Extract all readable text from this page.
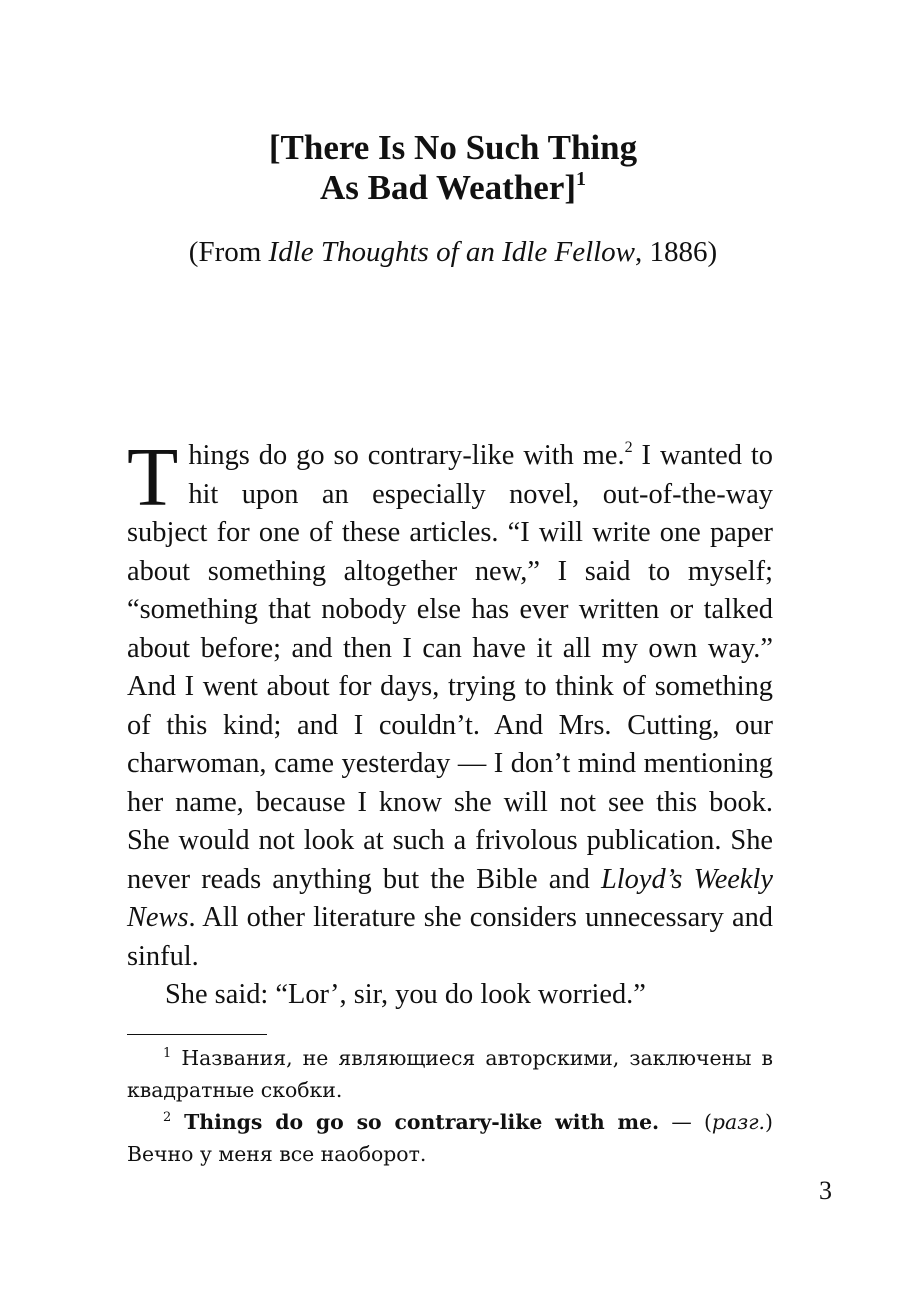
[There Is No Such Thing
As Bad Weather]$^1$
(From Idle Thoughts of an Idle Fellow, 1886)

Things do go so contrary-like with me.$^2$ I wanted to hit upon an especially novel, out-of-the-way subject for one of these articles. “I will write one paper about something altogether new,” I said to myself; “something that nobody else has ever written or talked about before; and then I can have it all my own way.” And I went about for days, trying to think of something of this kind; and I couldn’t. And Mrs. Cutting, our charwoman, came yesterday — I don’t mind mentioning her name, because I know she will not see this book. She would not look at such a frivolous publication. She never reads anything but the Bible and Lloyd’s Weekly News. All other literature she considers unnecessary and sinful.

She said: “Lor’, sir, you do look worried.”

$^1$ Названия, не являющиеся авторскими, заключены в квадратные скобки.

$^2$ Things do go so contrary-like with me. — (разг.) Вечно у меня все наоборот.

3
